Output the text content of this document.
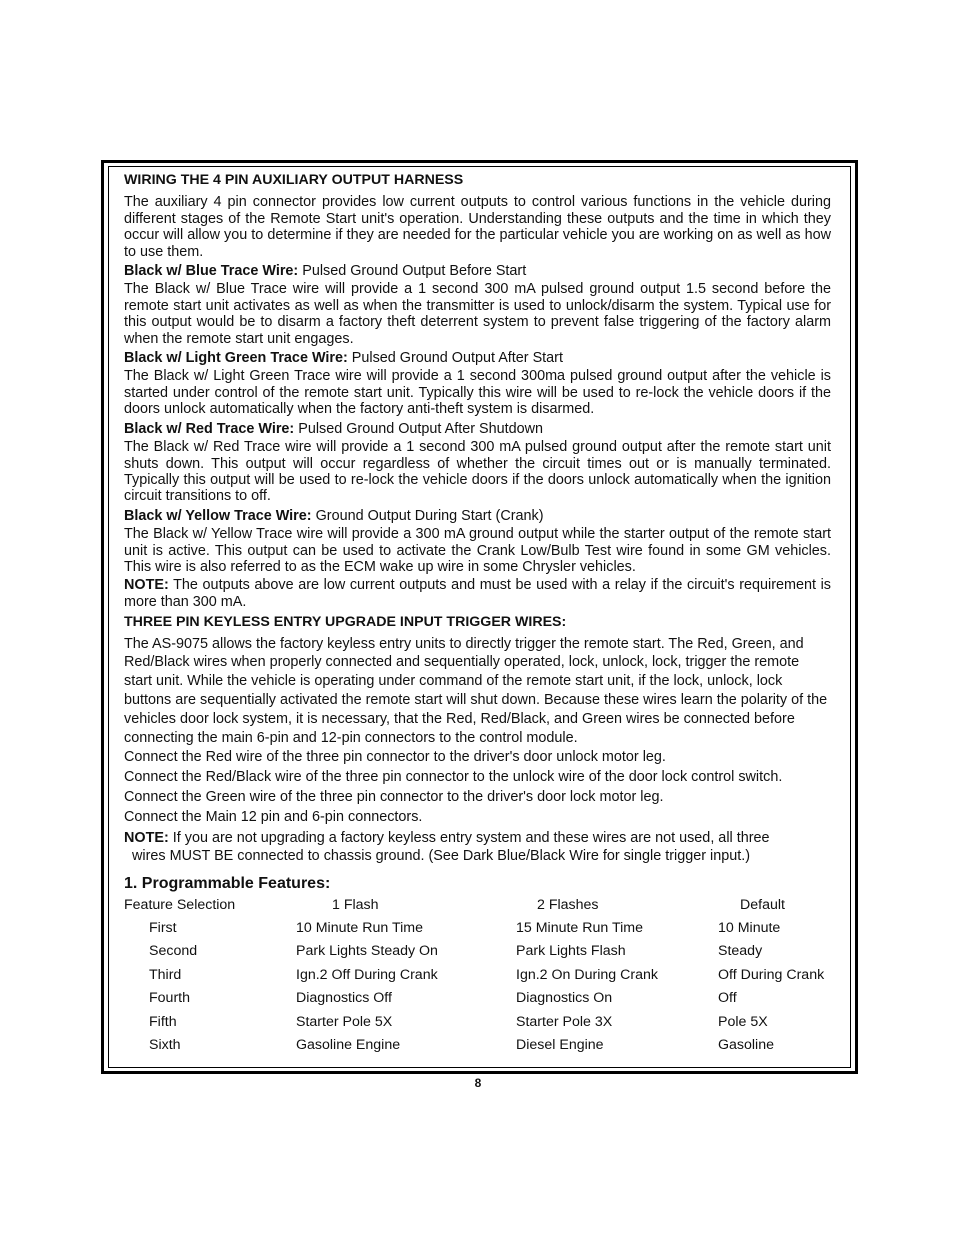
WIRING THE 4 PIN AUXILIARY OUTPUT HARNESS

The auxiliary 4 pin connector provides low current outputs to control various functions in the vehicle during different stages of the Remote Start unit's operation. Understanding these outputs and the time in which they occur will allow you to determine if they are needed for the particular vehicle you are working on as well as how to use them.

Black w/ Blue Trace Wire: Pulsed Ground Output Before Start

The Black w/ Blue Trace wire will provide a 1 second 300 mA pulsed ground output 1.5 second before the remote start unit activates as well as when the transmitter is used to unlock/disarm the system. Typical use for this output would be to disarm a factory theft deterrent system to prevent false triggering of the factory alarm when the remote start unit engages.

Black w/ Light Green Trace Wire: Pulsed Ground Output After Start

The Black w/ Light Green Trace wire will provide a 1 second 300ma pulsed ground output after the vehicle is started under control of the remote start unit. Typically this wire will be used to re-lock the vehicle doors if the doors unlock automatically when the factory anti-theft system is disarmed.

Black w/ Red Trace Wire: Pulsed Ground Output After Shutdown

The Black w/ Red Trace wire will provide a 1 second 300 mA pulsed ground output after the remote start unit shuts down. This output will occur regardless of whether the circuit times out or is manually terminated. Typically this output will be used to re-lock the vehicle doors if the doors unlock automatically when the ignition circuit transitions to off.

Black w/ Yellow Trace Wire: Ground Output During Start (Crank)

The Black w/ Yellow Trace wire will provide a 300 mA ground output while the starter output of the remote start unit is active. This output can be used to activate the Crank Low/Bulb Test wire found in some GM vehicles. This wire is also referred to as the ECM wake up wire in some Chrysler vehicles.

NOTE: The outputs above are low current outputs and must be used with a relay if the circuit's requirement is more than 300 mA.

THREE PIN KEYLESS ENTRY UPGRADE INPUT TRIGGER WIRES:

The AS-9075 allows the factory keyless entry units to directly trigger the remote start. The Red, Green, and Red/Black wires when properly connected and sequentially operated, lock, unlock, lock, trigger the remote start unit. While the vehicle is operating under command of the remote start unit, if the lock, unlock, lock buttons are sequentially activated the remote start will shut down. Because these wires learn the polarity of the vehicles door lock system, it is necessary, that the Red, Red/Black, and Green wires be connected before connecting the main 6-pin and 12-pin connectors to the control module.

Connect the Red wire of the three pin connector to the driver's door unlock motor leg.

Connect the Red/Black wire of the three pin connector to the unlock wire of the door lock control switch.

Connect the Green wire of the three pin connector to the driver's door lock motor leg.

Connect the Main 12 pin and 6-pin connectors.

NOTE: If you are not upgrading a factory keyless entry system and these wires are not used, all three
wires MUST BE connected to chassis ground. (See Dark Blue/Black Wire for single trigger input.)

1. Programmable Features:

Feature Selection	1 Flash	2 Flashes	Default
First	10 Minute Run Time	15 Minute Run Time	10 Minute
Second	Park Lights Steady On	Park Lights Flash	Steady
Third	Ign.2 Off During Crank	Ign.2 On During Crank	Off During Crank
Fourth	Diagnostics Off	Diagnostics On	Off
Fifth	Starter Pole 5X	Starter Pole 3X	Pole 5X
Sixth	Gasoline Engine	Diesel Engine	Gasoline
8
